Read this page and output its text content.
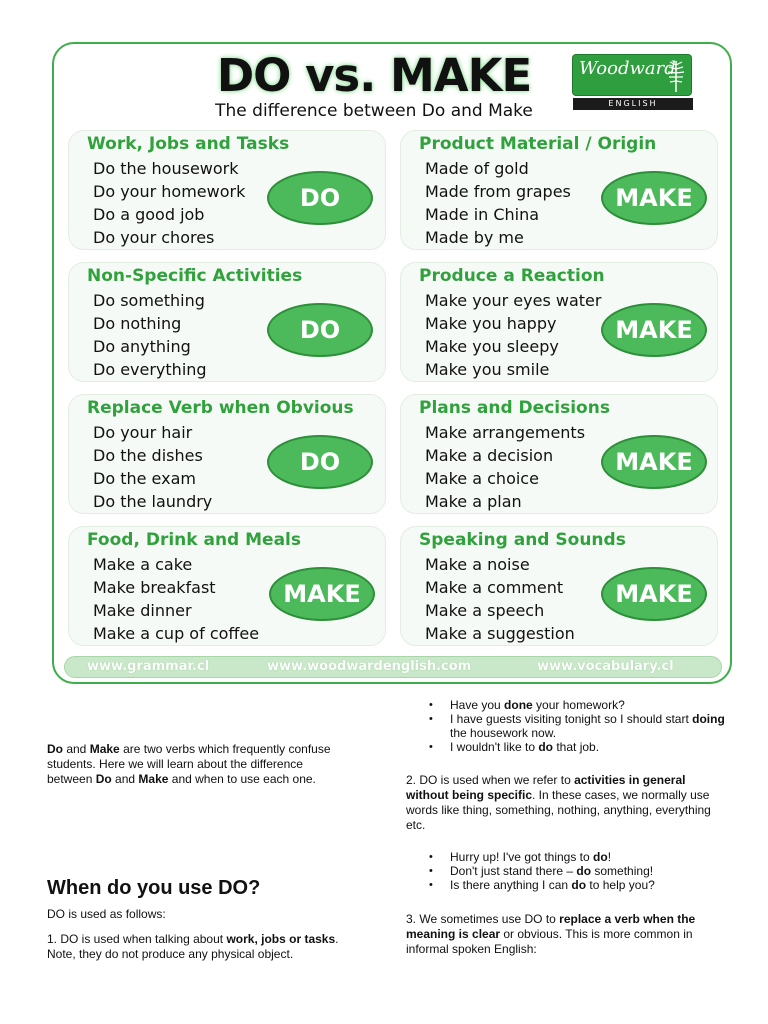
DO vs. MAKE
The difference between Do and Make
Woodward
ENGLISH
Work, Jobs and Tasks
Do the housework
Do your homework
Do a good job
Do your chores
DO
Product Material / Origin
Made of gold
Made from grapes
Made in China
Made by me
MAKE
Non-Specific Activities
Do something
Do nothing
Do anything
Do everything
DO
Produce a Reaction
Make your eyes water
Make you happy
Make you sleepy
Make you smile
MAKE
Replace Verb when Obvious
Do your hair
Do the dishes
Do the exam
Do the laundry
DO
Plans and Decisions
Make arrangements
Make a decision
Make a choice
Make a plan
MAKE
Food, Drink and Meals
Make a cake
Make breakfast
Make dinner
Make a cup of coffee
MAKE
Speaking and Sounds
Make a noise
Make a comment
Make a speech
Make a suggestion
MAKE
www.grammar.cl	www.woodwardenglish.com	www.vocabulary.cl

Do and Make are two verbs which frequently confuse students. Here we will learn about the difference between Do and Make and when to use each one.

When do you use DO?

DO is used as follows:

1. DO is used when talking about work, jobs or tasks. Note, they do not produce any physical object.

• Have you done your homework?
• I have guests visiting tonight so I should start doing the housework now.
• I wouldn't like to do that job.

2. DO is used when we refer to activities in general without being specific. In these cases, we normally use words like thing, something, nothing, anything, everything etc.

• Hurry up! I've got things to do!
• Don't just stand there – do something!
• Is there anything I can do to help you?

3. We sometimes use DO to replace a verb when the meaning is clear or obvious. This is more common in informal spoken English:
